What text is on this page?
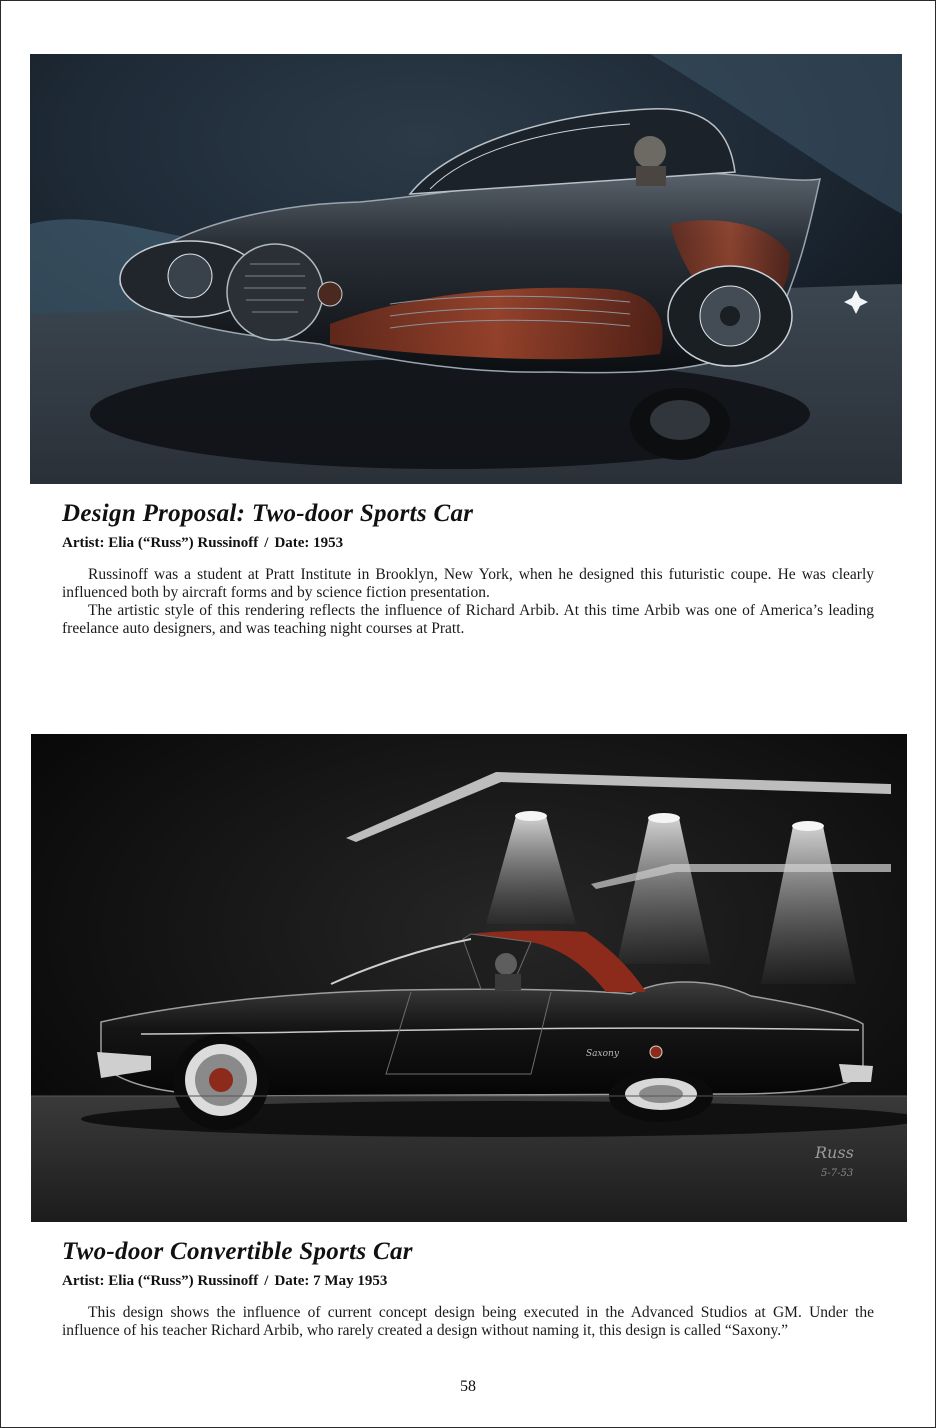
Design Proposal: Two-door Sports Car
Artist: Elia (“Russ”) Russinoff / Date: 1953

Russinoff was a student at Pratt Institute in Brooklyn, New York, when he designed this futuristic coupe. He was clearly influenced both by aircraft forms and by science fiction presentation.

The artistic style of this rendering reflects the influence of Richard Arbib. At this time Arbib was one of America’s leading freelance auto designers, and was teaching night courses at Pratt.

Saxony
Russ
5-7-53
Two-door Convertible Sports Car
Artist: Elia (“Russ”) Russinoff / Date: 7 May 1953

This design shows the influence of current concept design being executed in the Advanced Studios at GM. Under the influence of his teacher Richard Arbib, who rarely created a design without naming it, this design is called “Saxony.”

58
